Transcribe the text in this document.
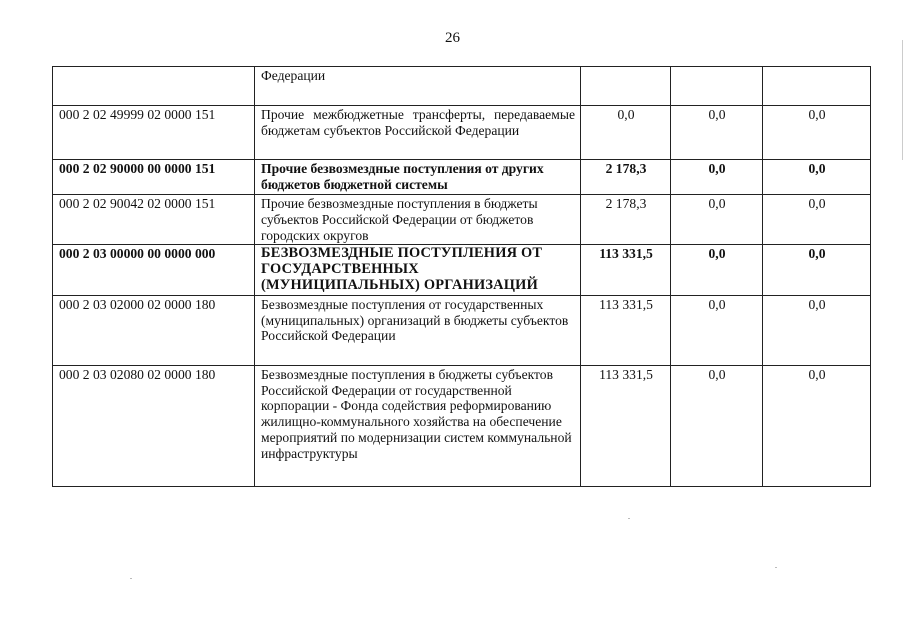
26
	Федерации			
000 2 02 49999 02 0000 151	Прочие межбюджетные трансферты, передаваемые бюджетам субъектов Российской Федерации	0,0	0,0	0,0
000 2 02 90000 00 0000 151	Прочие безвозмездные поступления от других бюджетов бюджетной системы	2 178,3	0,0	0,0
000 2 02 90042 02 0000 151	Прочие безвозмездные поступления в бюджеты субъектов Российской Федерации от бюджетов городских округов	2 178,3	0,0	0,0
000 2 03 00000 00 0000 000	БЕЗВОЗМЕЗДНЫЕ ПОСТУПЛЕНИЯ ОТ ГОСУДАРСТВЕННЫХ (МУНИЦИПАЛЬНЫХ) ОРГАНИЗАЦИЙ	113 331,5	0,0	0,0
000 2 03 02000 02 0000 180	Безвозмездные поступления от государственных (муниципальных) организаций в бюджеты субъектов Российской Федерации	113 331,5	0,0	0,0
000 2 03 02080 02 0000 180	Безвозмездные поступления в бюджеты субъектов Российской Федерации от государственной корпорации - Фонда содействия реформированию жилищно-коммунального хозяйства на обеспечение мероприятий по модернизации систем коммунальной инфраструктуры	113 331,5	0,0	0,0
